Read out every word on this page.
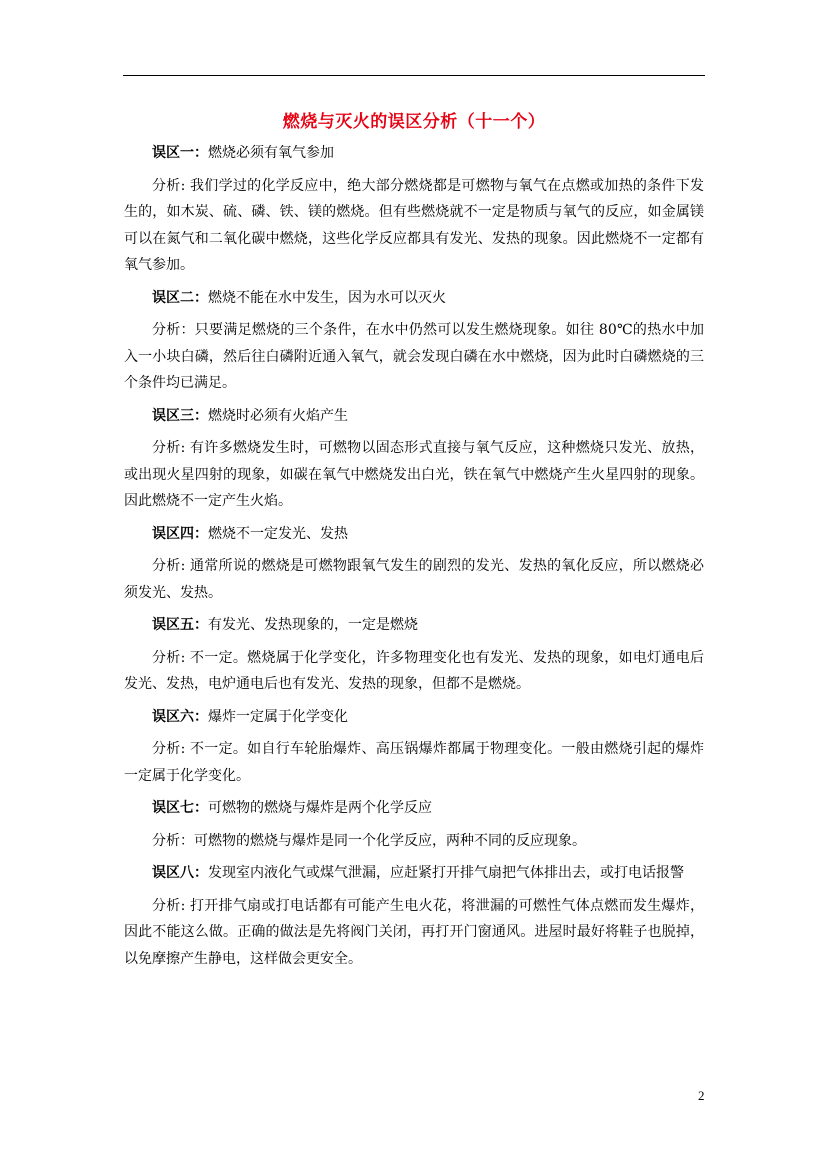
燃烧与灭火的误区分析（十一个）

误区一：燃烧必须有氧气参加

分析: 我们学过的化学反应中，绝大部分燃烧都是可燃物与氧气在点燃或加热的条件下发生的，如木炭、硫、磷、铁、镁的燃烧。但有些燃烧就不一定是物质与氧气的反应，如金属镁可以在氮气和二氧化碳中燃烧，这些化学反应都具有发光、发热的现象。因此燃烧不一定都有氧气参加。

误区二：燃烧不能在水中发生，因为水可以灭火

分析：只要满足燃烧的三个条件，在水中仍然可以发生燃烧现象。如往 80℃的热水中加入一小块白磷，然后往白磷附近通入氧气，就会发现白磷在水中燃烧，因为此时白磷燃烧的三个条件均已满足。

误区三：燃烧时必须有火焰产生

分析: 有许多燃烧发生时，可燃物以固态形式直接与氧气反应，这种燃烧只发光、放热，或出现火星四射的现象，如碳在氧气中燃烧发出白光，铁在氧气中燃烧产生火星四射的现象。因此燃烧不一定产生火焰。

误区四：燃烧不一定发光、发热

分析: 通常所说的燃烧是可燃物跟氧气发生的剧烈的发光、发热的氧化反应，所以燃烧必须发光、发热。

误区五：有发光、发热现象的，一定是燃烧

分析: 不一定。燃烧属于化学变化，许多物理变化也有发光、发热的现象，如电灯通电后发光、发热，电炉通电后也有发光、发热的现象，但都不是燃烧。

误区六：爆炸一定属于化学变化

分析: 不一定。如自行车轮胎爆炸、高压锅爆炸都属于物理变化。一般由燃烧引起的爆炸一定属于化学变化。

误区七：可燃物的燃烧与爆炸是两个化学反应

分析：可燃物的燃烧与爆炸是同一个化学反应，两种不同的反应现象。

误区八：发现室内液化气或煤气泄漏，应赶紧打开排气扇把气体排出去，或打电话报警

分析: 打开排气扇或打电话都有可能产生电火花，将泄漏的可燃性气体点燃而发生爆炸，因此不能这么做。正确的做法是先将阀门关闭，再打开门窗通风。进屋时最好将鞋子也脱掉，以免摩擦产生静电，这样做会更安全。

2
